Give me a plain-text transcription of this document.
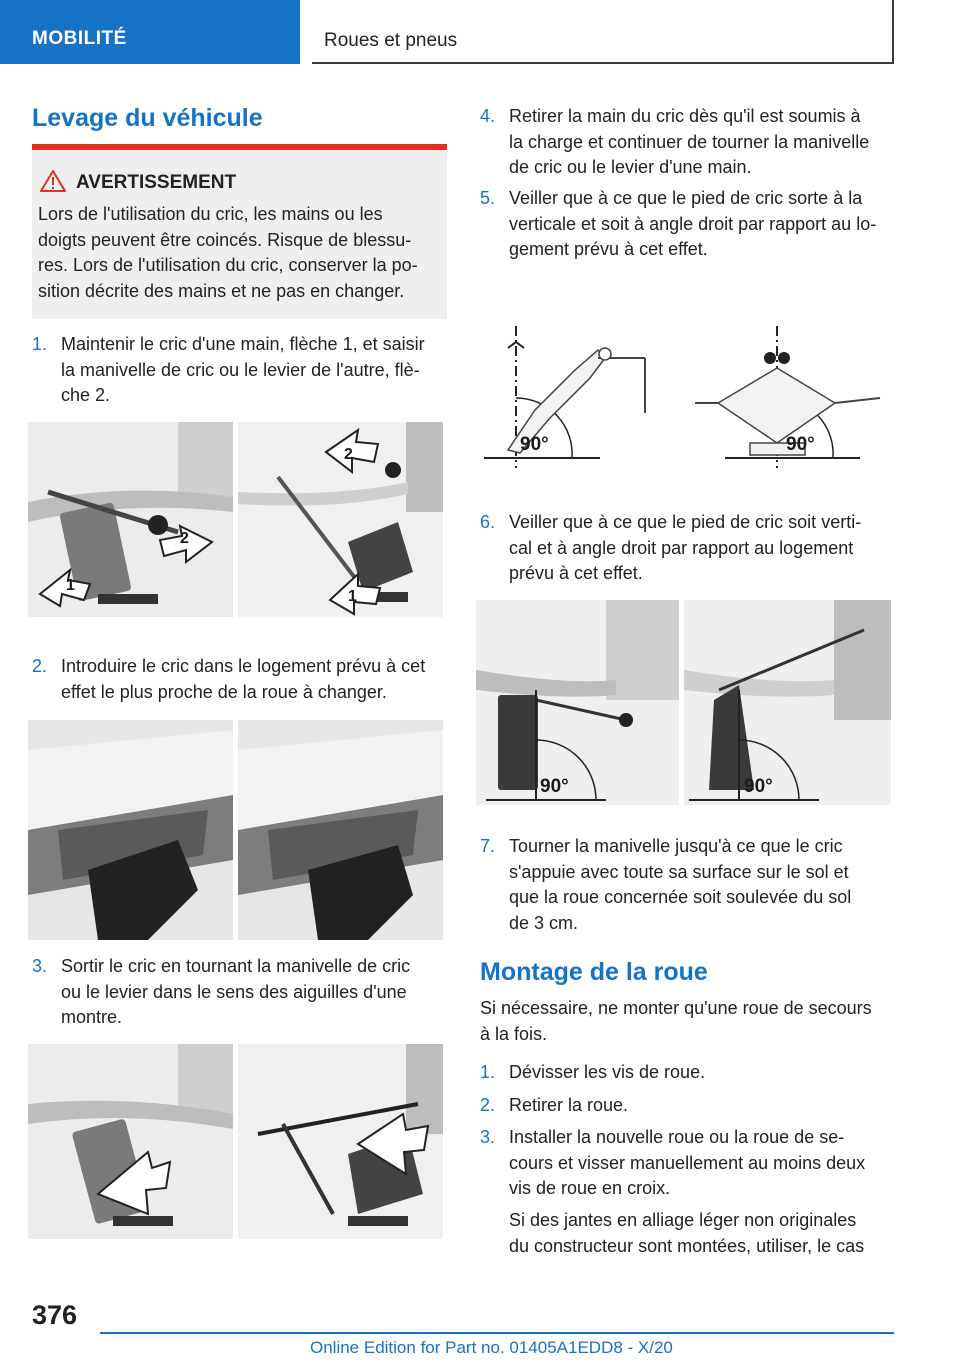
MOBILITÉ	Roues et pneus
Levage du véhicule
AVERTISSEMENT
Lors de l'utilisation du cric, les mains ou les
doigts peuvent être coincés. Risque de blessu-
res. Lors de l'utilisation du cric, conserver la po-
sition décrite des mains et ne pas en changer.
1. Maintenir le cric d'une main, flèche 1, et saisir
la manivelle de cric ou le levier de l'autre, flè-
che 2.
1
2
2
1
2. Introduire le cric dans le logement prévu à cet
effet le plus proche de la roue à changer.
3. Sortir le cric en tournant la manivelle de cric
ou le levier dans le sens des aiguilles d'une
montre.
4. Retirer la main du cric dès qu'il est soumis à
la charge et continuer de tourner la manivelle
de cric ou le levier d'une main.
5. Veiller que à ce que le pied de cric sorte à la
verticale et soit à angle droit par rapport au lo-
gement prévu à cet effet.
90°	90°
6. Veiller que à ce que le pied de cric soit verti-
cal et à angle droit par rapport au logement
prévu à cet effet.
90°	90°
7. Tourner la manivelle jusqu'à ce que le cric
s'appuie avec toute sa surface sur le sol et
que la roue concernée soit soulevée du sol
de 3 cm.
Montage de la roue
Si nécessaire, ne monter qu'une roue de secours
à la fois.
1. Dévisser les vis de roue.
2. Retirer la roue.
3. Installer la nouvelle roue ou la roue de se-
cours et visser manuellement au moins deux
vis de roue en croix.
Si des jantes en alliage léger non originales
du constructeur sont montées, utiliser, le cas
376
Online Edition for Part no. 01405A1EDD8 - X/20
